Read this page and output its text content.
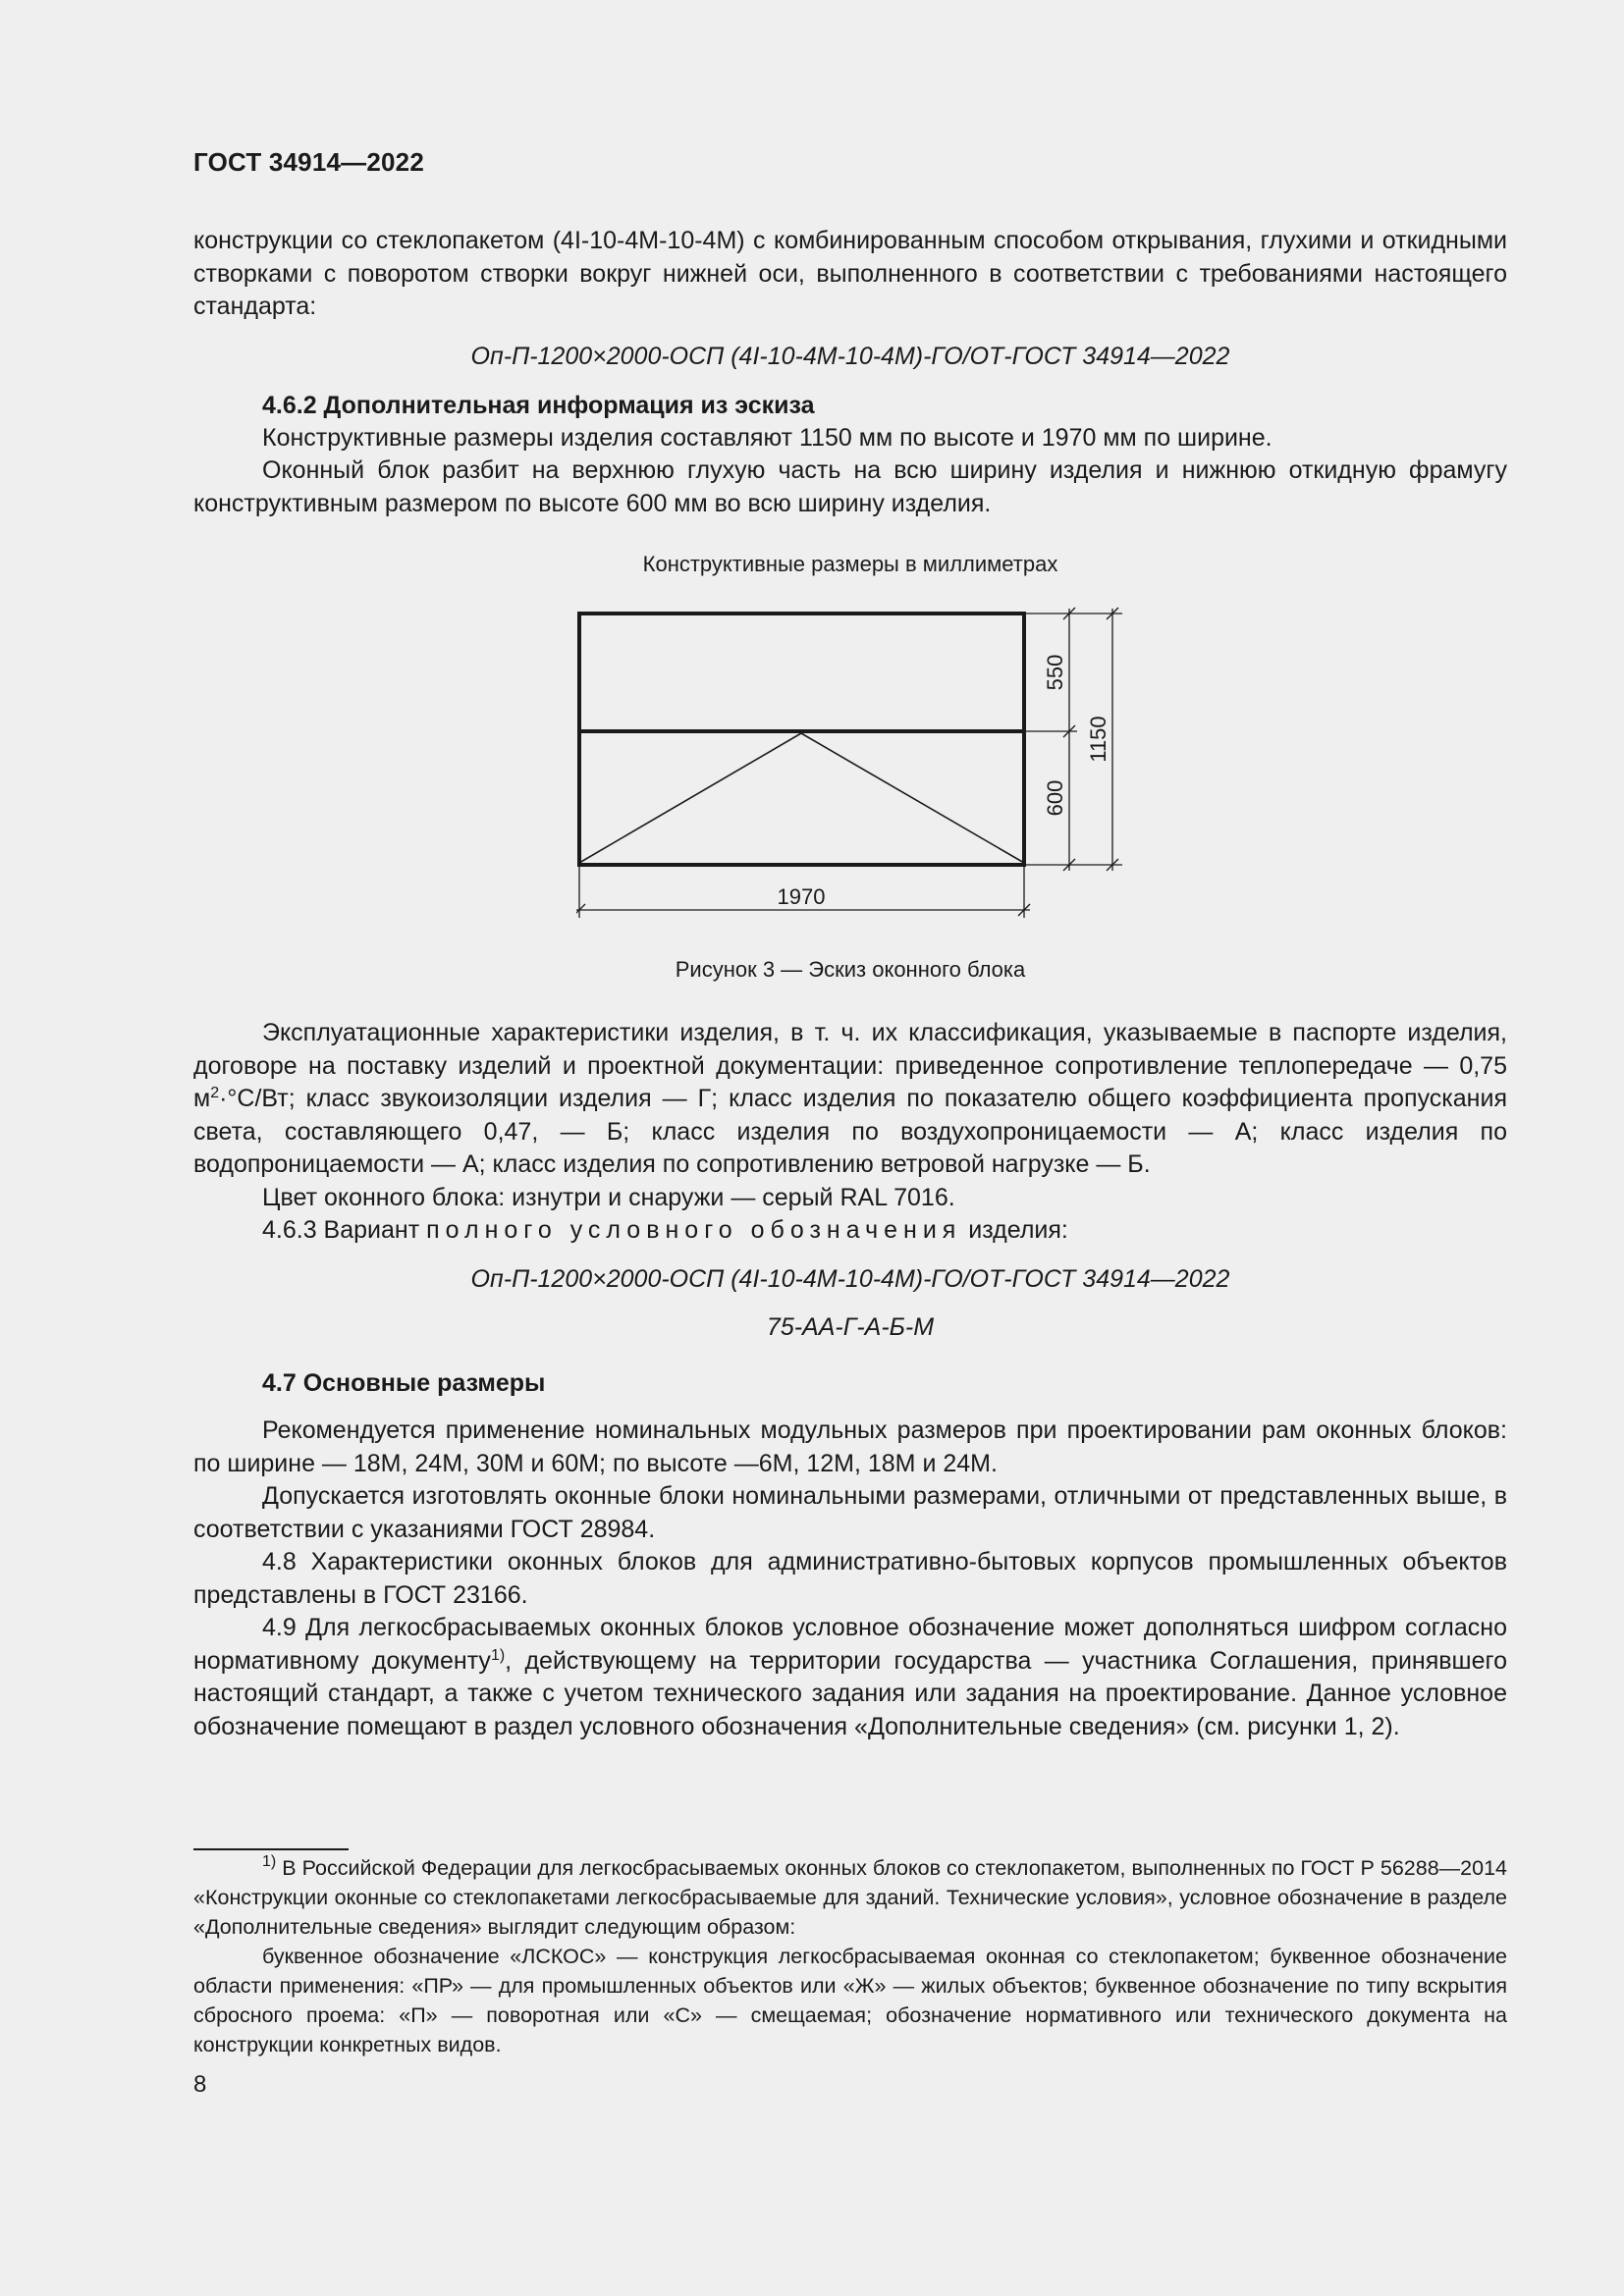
ГОСТ 34914—2022

конструкции со стеклопакетом (4I-10-4М-10-4М) с комбинированным способом открывания, глухими и откидными створками с поворотом створки вокруг нижней оси, выполненного в соответствии с требованиями настоящего стандарта:

Оп-П-1200×2000-ОСП (4I-10-4М-10-4М)-ГО/ОТ-ГОСТ 34914—2022

4.6.2 Дополнительная информация из эскиза

Конструктивные размеры изделия составляют 1150 мм по высоте и 1970 мм по ширине.

Оконный блок разбит на верхнюю глухую часть на всю ширину изделия и нижнюю откидную фрамугу конструктивным размером по высоте 600 мм во всю ширину изделия.

Конструктивные размеры в миллиметрах
550
600
1150
1970
Рисунок 3 — Эскиз оконного блока

Эксплуатационные характеристики изделия, в т. ч. их классификация, указываемые в паспорте изделия, договоре на поставку изделий и проектной документации: приведенное сопротивление теплопередаче — 0,75 $м^2\cdot^\circ С/Вт$; класс звукоизоляции изделия — Г; класс изделия по показателю общего коэффициента пропускания света, составляющего 0,47, — Б; класс изделия по воздухопроницаемости — А; класс изделия по водопроницаемости — А; класс изделия по сопротивлению ветровой нагрузке — Б.

Цвет оконного блока: изнутри и снаружи — серый RAL 7016.

4.6.3 Вариант полного условного обозначения изделия:

Оп-П-1200×2000-ОСП (4I-10-4М-10-4М)-ГО/ОТ-ГОСТ 34914—2022
75-АА-Г-А-Б-М

4.7 Основные размеры

Рекомендуется применение номинальных модульных размеров при проектировании рам оконных блоков: по ширине — 18М, 24М, 30М и 60М; по высоте —6М, 12М, 18М и 24М.

Допускается изготовлять оконные блоки номинальными размерами, отличными от представленных выше, в соответствии с указаниями ГОСТ 28984.

4.8 Характеристики оконных блоков для административно-бытовых корпусов промышленных объектов представлены в ГОСТ 23166.

4.9 Для легкосбрасываемых оконных блоков условное обозначение может дополняться шифром согласно нормативному документу$^{1)}$, действующему на территории государства — участника Соглашения, принявшего настоящий стандарт, а также с учетом технического задания или задания на проектирование. Данное условное обозначение помещают в раздел условного обозначения «Дополнительные сведения» (см. рисунки 1, 2).

$^{1)}$ В Российской Федерации для легкосбрасываемых оконных блоков со стеклопакетом, выполненных по ГОСТ Р 56288—2014 «Конструкции оконные со стеклопакетами легкосбрасываемые для зданий. Технические условия», условное обозначение в разделе «Дополнительные сведения» выглядит следующим образом:

буквенное обозначение «ЛСКОС» — конструкция легкосбрасываемая оконная со стеклопакетом; буквенное обозначение области применения: «ПР» — для промышленных объектов или «Ж» — жилых объектов; буквенное обозначение по типу вскрытия сбросного проема: «П» — поворотная или «С» — смещаемая; обозначение нормативного или технического документа на конструкции конкретных видов.

8
